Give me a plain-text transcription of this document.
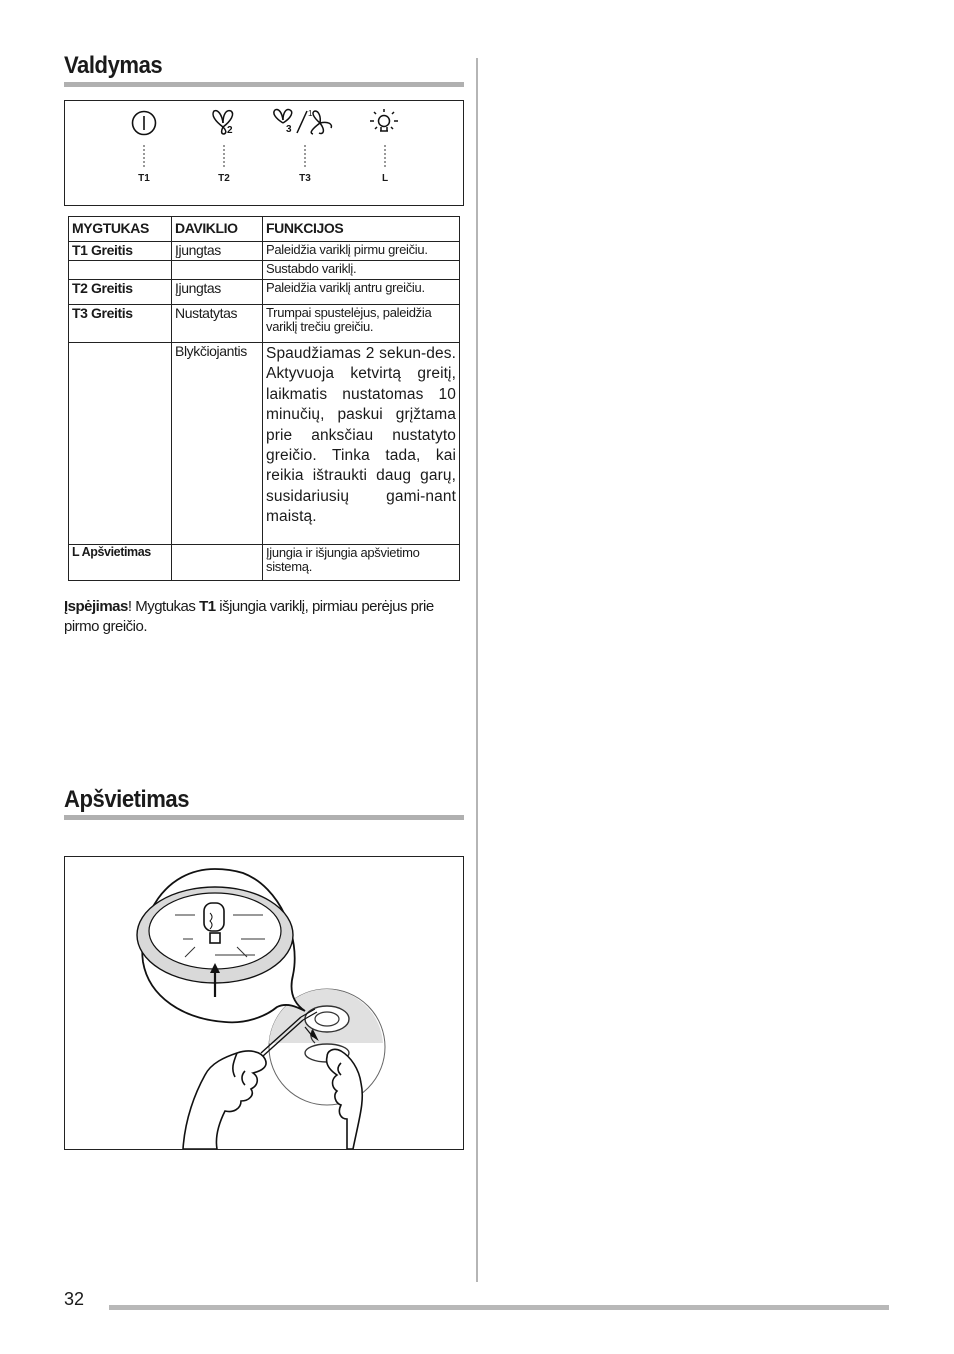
Valdymas
2	3
1
T1	T2	T3	L
MYGTUKAS	DAVIKLIO	FUNKCIJOS
T1 Greitis	Įjungtas	Paleidžia variklį pirmu greičiu.
		Sustabdo variklį.
T2 Greitis	Įjungtas	Paleidžia variklį antru greičiu.
T3 Greitis	Nustatytas	Trumpai spustelėjus, paleidžia variklį trečiu greičiu.
	Blykčiojantis	Spaudžiamas 2 sekun-des. Aktyvuoja ketvirtą greitį, laikmatis nustatomas 10 minučių, paskui grįžtama prie anksčiau nustatyto greičio. Tinka tada, kai reikia ištraukti daug garų, susidariusių gami-nant maistą.
L Apšvietimas		Įjungia ir išjungia apšvietimo sistemą.

Įspėjimas! Mygtukas T1 išjungia variklį, pirmiau perėjus prie pirmo greičio.

Apšvietimas
32
